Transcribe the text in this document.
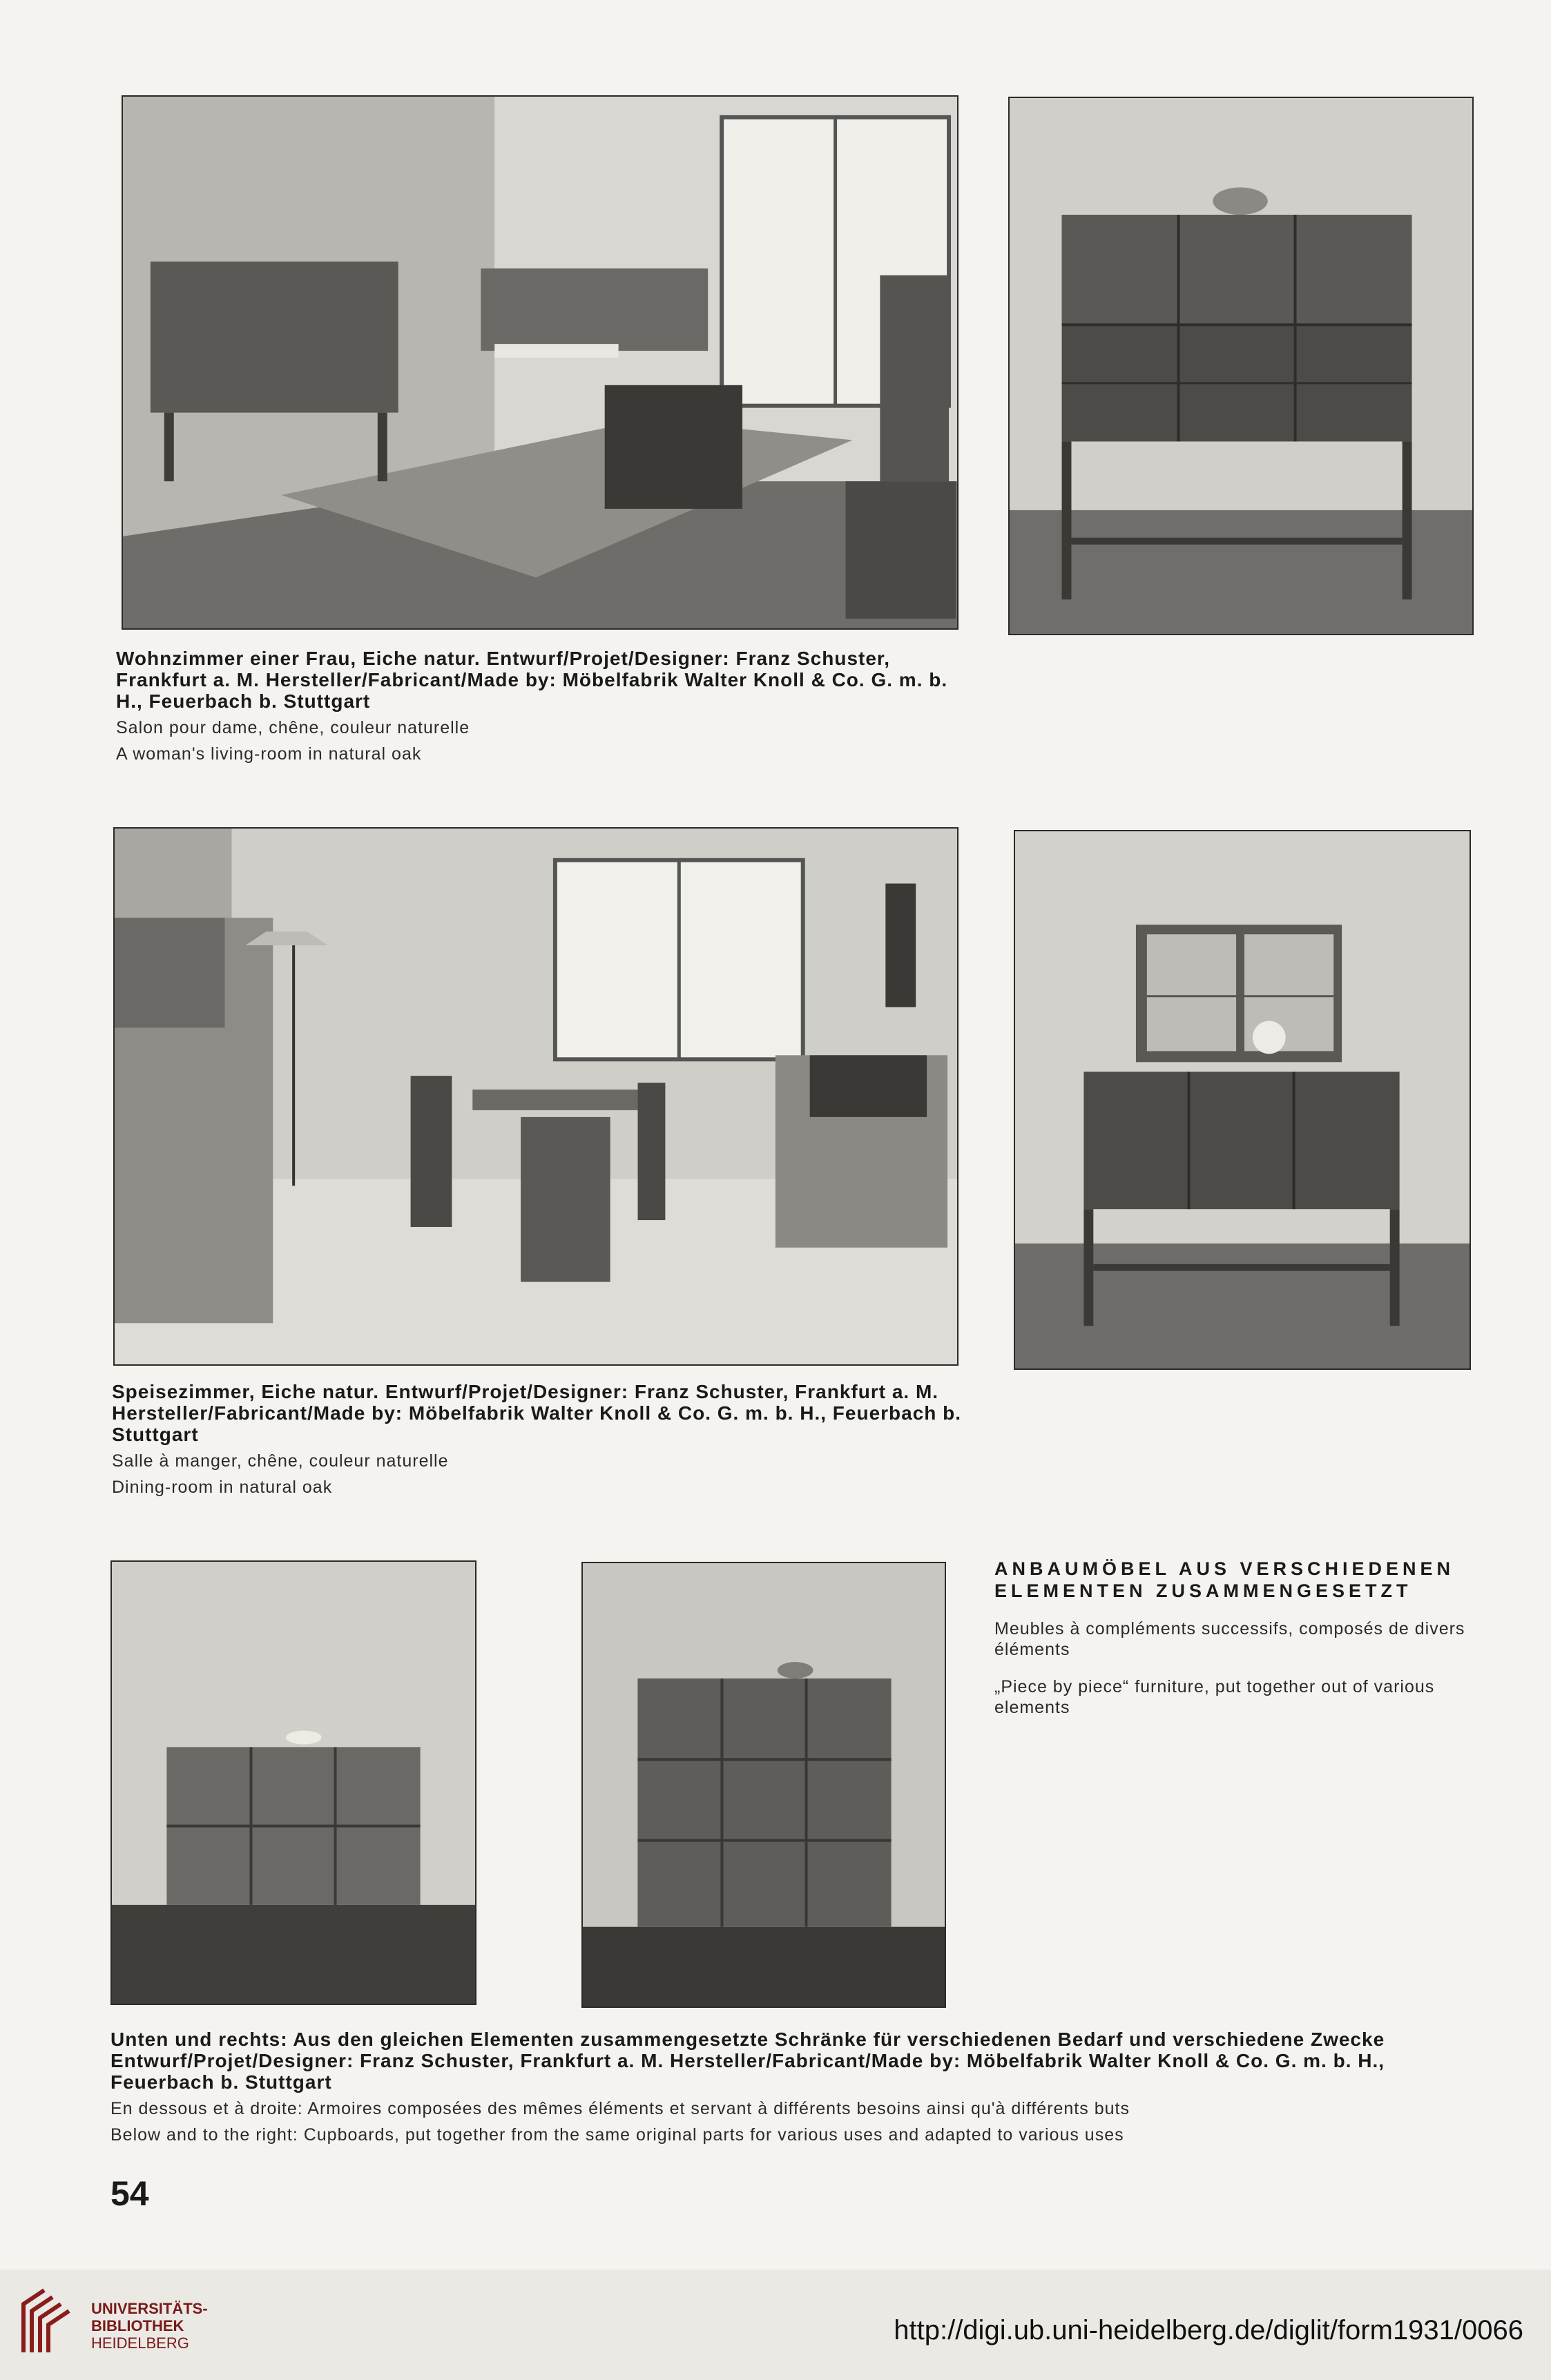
Wohnzimmer einer Frau, Eiche natur. Entwurf/Projet/Designer: Franz Schuster, Frankfurt a. M. Hersteller/Fabricant/Made by: Möbelfabrik Walter Knoll & Co. G. m. b. H., Feuerbach b. Stuttgart
Salon pour dame, chêne, couleur naturelle
A woman's living-room in natural oak

Speisezimmer, Eiche natur. Entwurf/Projet/Designer: Franz Schuster, Frankfurt a. M. Hersteller/Fabricant/Made by: Möbelfabrik Walter Knoll & Co. G. m. b. H., Feuerbach b. Stuttgart
Salle à manger, chêne, couleur naturelle
Dining-room in natural oak

ANBAUMÖBEL AUS VERSCHIEDENEN ELEMENTEN ZUSAMMENGESETZT

Meubles à compléments successifs, composés de divers éléments

„Piece by piece“ furniture, put together out of various elements

Unten und rechts: Aus den gleichen Elementen zusammengesetzte Schränke für verschiedenen Bedarf und verschiedene Zwecke Entwurf/Projet/Designer: Franz Schuster, Frankfurt a. M. Hersteller/Fabricant/Made by: Möbelfabrik Walter Knoll & Co. G. m. b. H., Feuerbach b. Stuttgart
En dessous et à droite: Armoires composées des mêmes éléments et servant à différents besoins ainsi qu'à différents buts
Below and to the right: Cupboards, put together from the same original parts for various uses and adapted to various uses

54

UNIVERSITÄTS-
BIBLIOTHEK
HEIDELBERG	http://digi.ub.uni-heidelberg.de/diglit/form1931/0066
